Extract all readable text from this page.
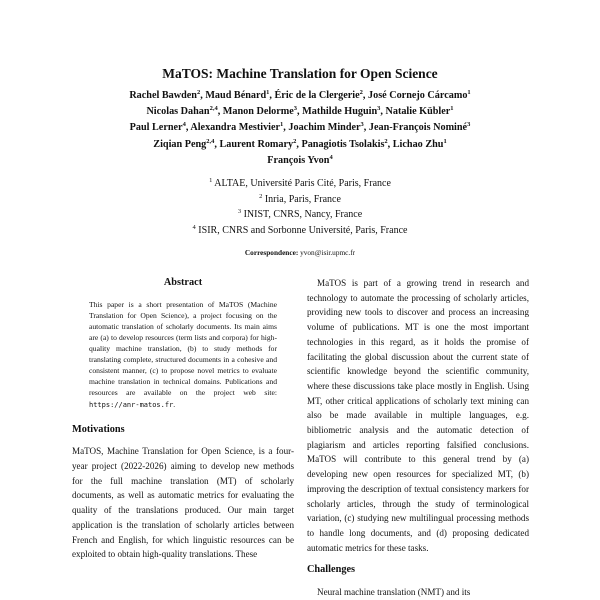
MaTOS: Machine Translation for Open Science
Rachel Bawden$^2$, Maud Bénard$^1$, Éric de la Clergerie$^2$, José Cornejo Cárcamo$^1$
Nicolas Dahan$^{2,4}$, Manon Delorme$^3$, Mathilde Huguin$^3$, Natalie Kübler$^1$
Paul Lerner$^4$, Alexandra Mestivier$^1$, Joachim Minder$^3$, Jean-François Nominé$^3$
Ziqian Peng$^{2,4}$, Laurent Romary$^2$, Panagiotis Tsolakis$^2$, Lichao Zhu$^1$
François Yvon$^4$
$^1$ ALTAE, Université Paris Cité, Paris, France
$^2$ Inria, Paris, France
$^3$ INIST, CNRS, Nancy, France
$^4$ ISIR, CNRS and Sorbonne Université, Paris, France
Correspondence: yvon@isir.upmc.fr
Abstract
This paper is a short presentation of MaTOS (Machine Translation for Open Science), a project focusing on the automatic translation of scholarly documents. Its main aims are (a) to develop resources (term lists and corpora) for high-quality machine translation, (b) to study methods for translating complete, structured documents in a cohesive and consistent manner, (c) to propose novel metrics to evaluate machine translation in technical domains. Publications and resources are available on the project web site: https://anr-matos.fr.
Motivations

MaTOS, Machine Translation for Open Science, is a four-year project (2022-2026) aiming to develop new methods for the full machine translation (MT) of scholarly documents, as well as automatic metrics for evaluating the quality of the translations produced. Our main target application is the translation of scholarly articles between French and English, for which linguistic resources can be exploited to obtain high-quality translations. These

MaTOS is part of a growing trend in research and technology to automate the processing of scholarly articles, providing new tools to discover and process an increasing volume of publications. MT is one the most important technologies in this regard, as it holds the promise of facilitating the global discussion about the current state of scientific knowledge beyond the scientific community, where these discussions take place mostly in English. Using MT, other critical applications of scholarly text mining can also be made available in multiple languages, e.g. bibliometric analysis and the automatic detection of plagiarism and articles reporting falsified conclusions. MaTOS will contribute to this general trend by (a) developing new open resources for specialized MT, (b) improving the description of textual consistency markers for scholarly articles, through the study of terminological variation, (c) studying new multilingual processing methods to handle long documents, and (d) proposing dedicated automatic metrics for these tasks.

Challenges

Neural machine translation (NMT) and its
